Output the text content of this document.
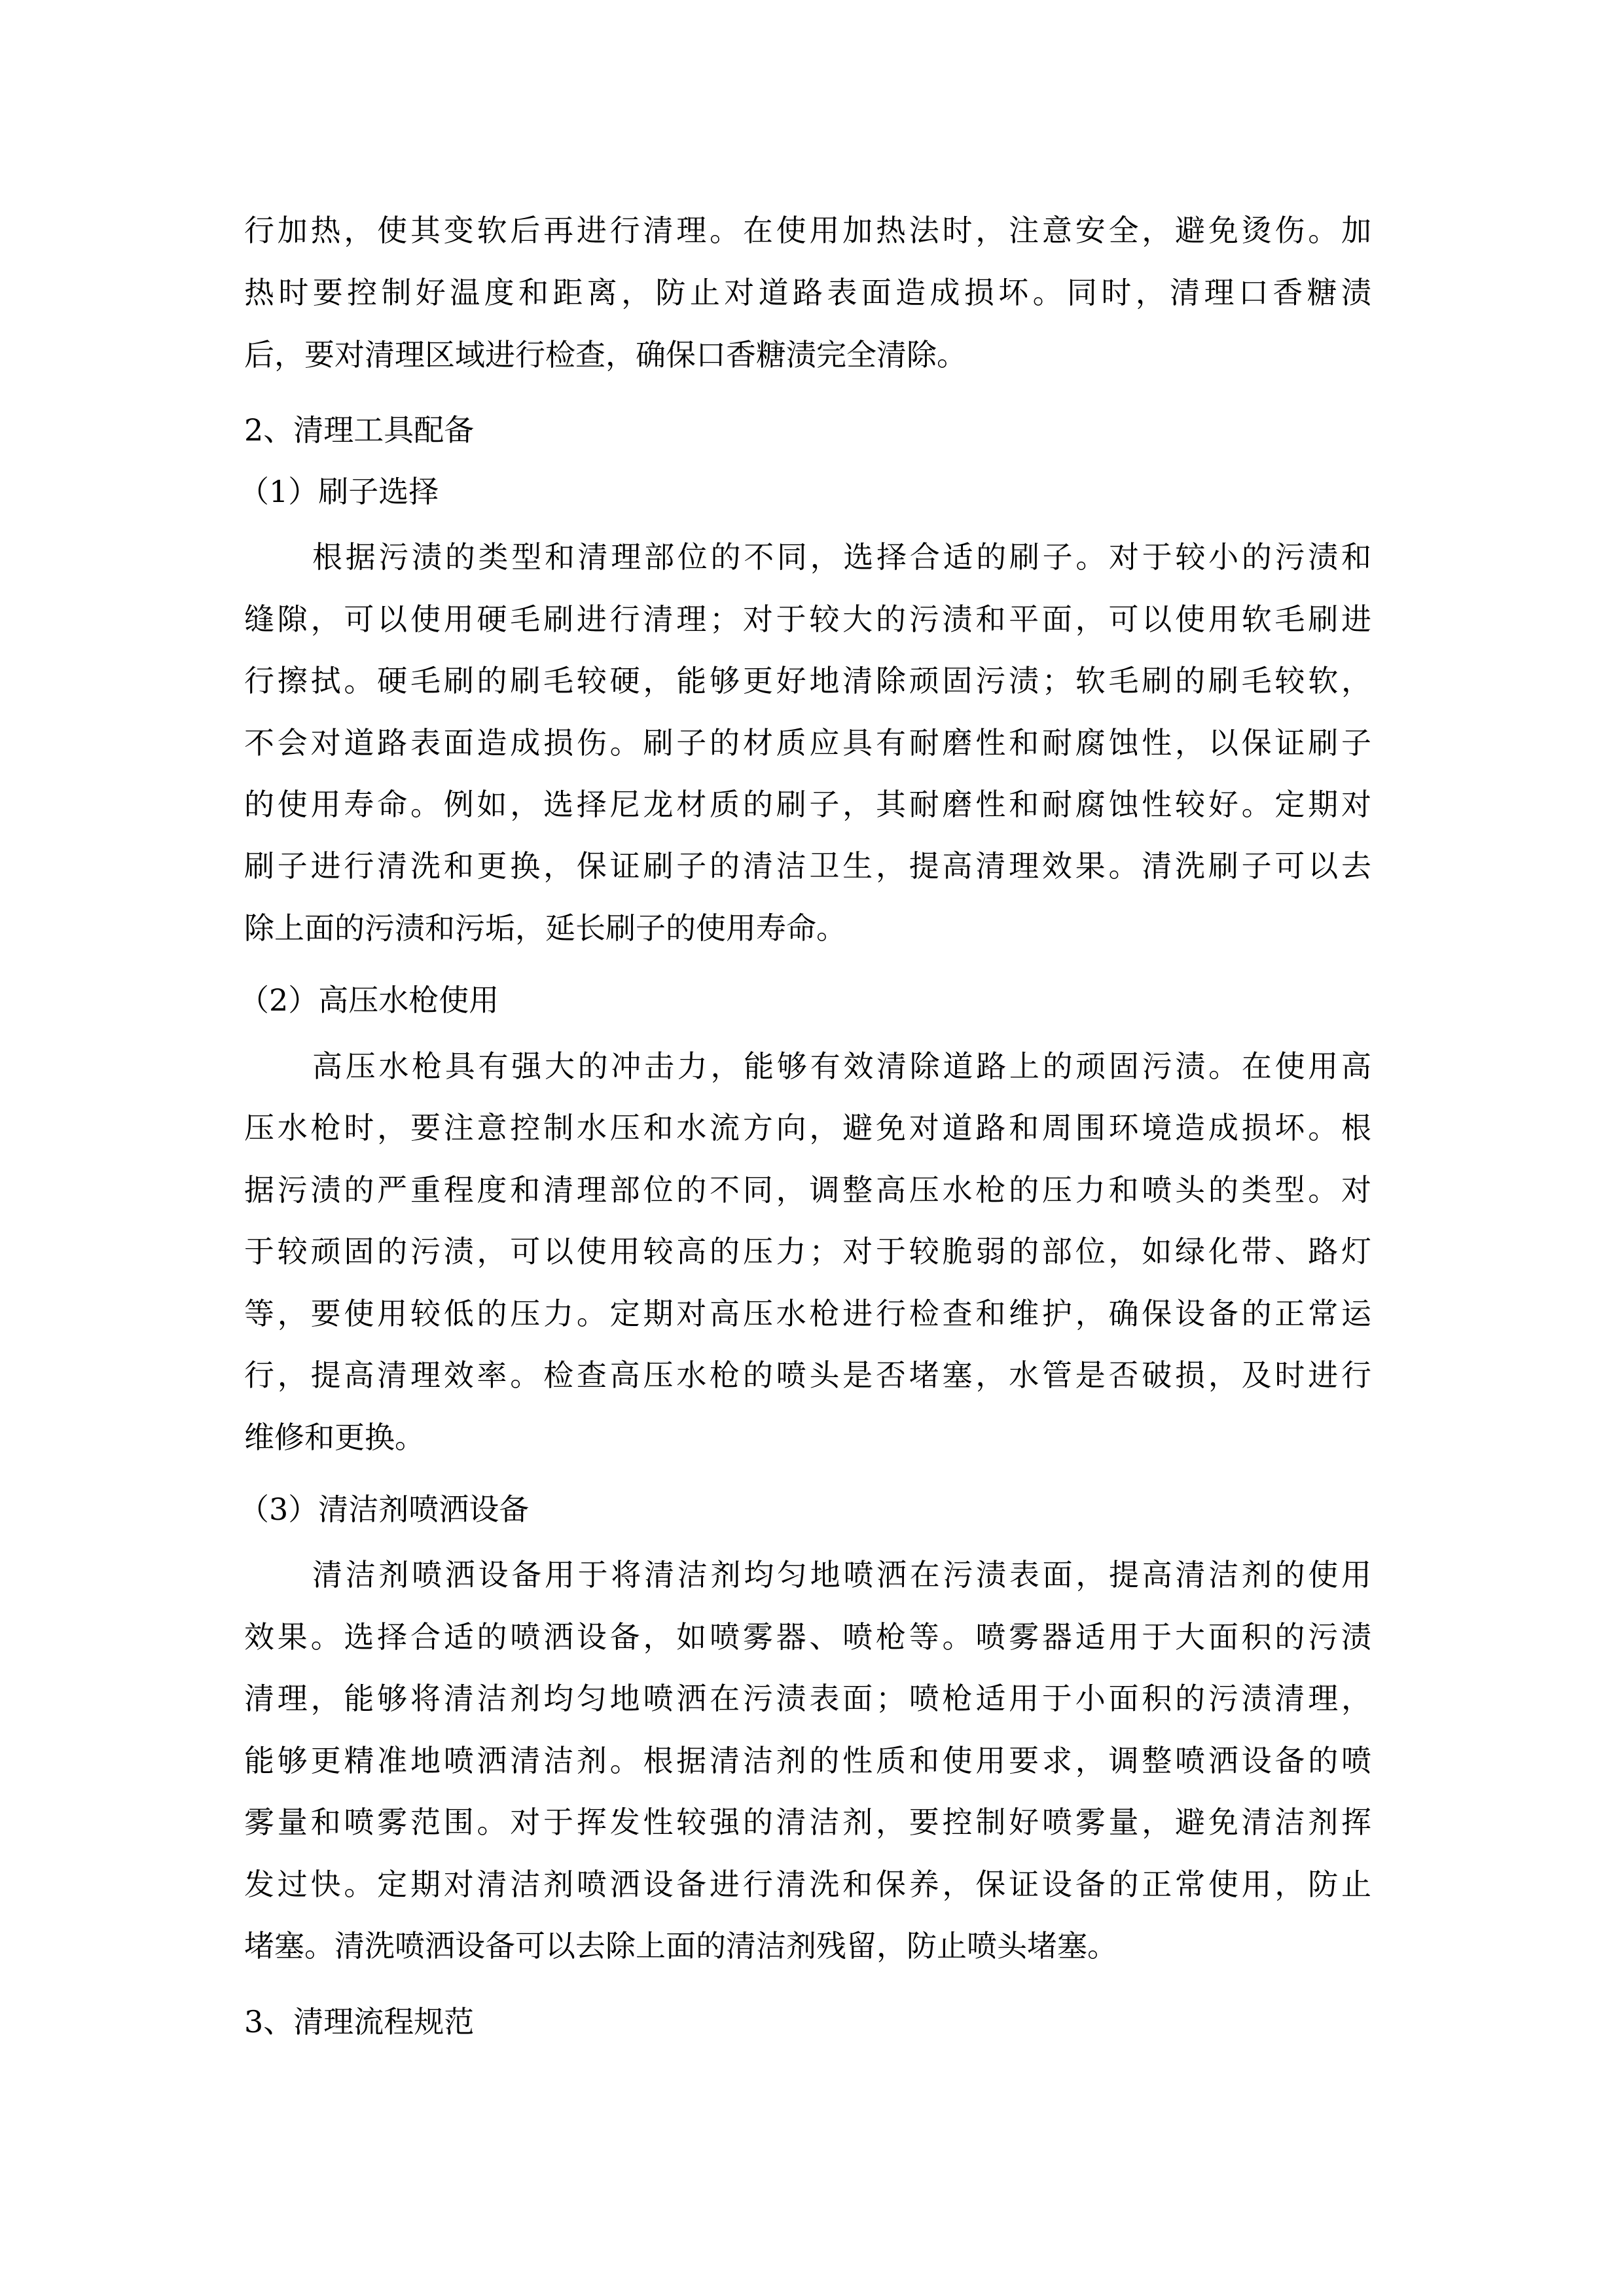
行加热，使其变软后再进行清理。在使用加热法时，注意安全，避免烫伤。加
热时要控制好温度和距离，防止对道路表面造成损坏。同时，清理口香糖渍
后，要对清理区域进行检查，确保口香糖渍完全清除。
2、清理工具配备
（1）刷子选择
根据污渍的类型和清理部位的不同，选择合适的刷子。对于较小的污渍和
缝隙，可以使用硬毛刷进行清理；对于较大的污渍和平面，可以使用软毛刷进
行擦拭。硬毛刷的刷毛较硬，能够更好地清除顽固污渍；软毛刷的刷毛较软，
不会对道路表面造成损伤。刷子的材质应具有耐磨性和耐腐蚀性，以保证刷子
的使用寿命。例如，选择尼龙材质的刷子，其耐磨性和耐腐蚀性较好。定期对
刷子进行清洗和更换，保证刷子的清洁卫生，提高清理效果。清洗刷子可以去
除上面的污渍和污垢，延长刷子的使用寿命。
（2）高压水枪使用
高压水枪具有强大的冲击力，能够有效清除道路上的顽固污渍。在使用高
压水枪时，要注意控制水压和水流方向，避免对道路和周围环境造成损坏。根
据污渍的严重程度和清理部位的不同，调整高压水枪的压力和喷头的类型。对
于较顽固的污渍，可以使用较高的压力；对于较脆弱的部位，如绿化带、路灯
等，要使用较低的压力。定期对高压水枪进行检查和维护，确保设备的正常运
行，提高清理效率。检查高压水枪的喷头是否堵塞，水管是否破损，及时进行
维修和更换。
（3）清洁剂喷洒设备
清洁剂喷洒设备用于将清洁剂均匀地喷洒在污渍表面，提高清洁剂的使用
效果。选择合适的喷洒设备，如喷雾器、喷枪等。喷雾器适用于大面积的污渍
清理，能够将清洁剂均匀地喷洒在污渍表面；喷枪适用于小面积的污渍清理，
能够更精准地喷洒清洁剂。根据清洁剂的性质和使用要求，调整喷洒设备的喷
雾量和喷雾范围。对于挥发性较强的清洁剂，要控制好喷雾量，避免清洁剂挥
发过快。定期对清洁剂喷洒设备进行清洗和保养，保证设备的正常使用，防止
堵塞。清洗喷洒设备可以去除上面的清洁剂残留，防止喷头堵塞。
3、清理流程规范
